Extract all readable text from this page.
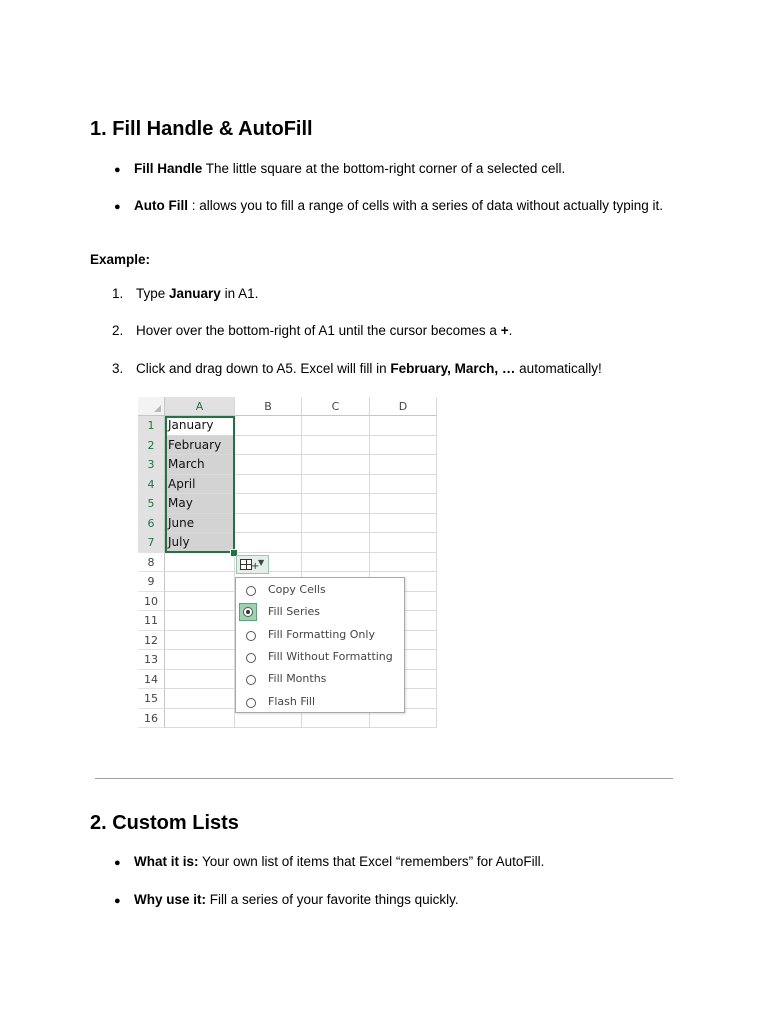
1. Fill Handle & AutoFill
● Fill Handle The little square at the bottom-right corner of a selected cell.
● Auto Fill : allows you to fill a range of cells with a series of data without actually typing it.
Example:
1. Type January in A1.
2. Hover over the bottom-right of A1 until the cursor becomes a +.
3. Click and drag down to A5. Excel will fill in February, March, … automatically!
A	B	C	D
1	January
2	February
3	March
4	April
5	May
6	June
7	July
8
9
10
11
12
13
14
15
16
+
▼
Copy Cells
Fill Series
Fill Formatting Only
Fill Without Formatting
Fill Months
Flash Fill
2. Custom Lists
● What it is: Your own list of items that Excel “remembers” for AutoFill.
● Why use it: Fill a series of your favorite things quickly.
